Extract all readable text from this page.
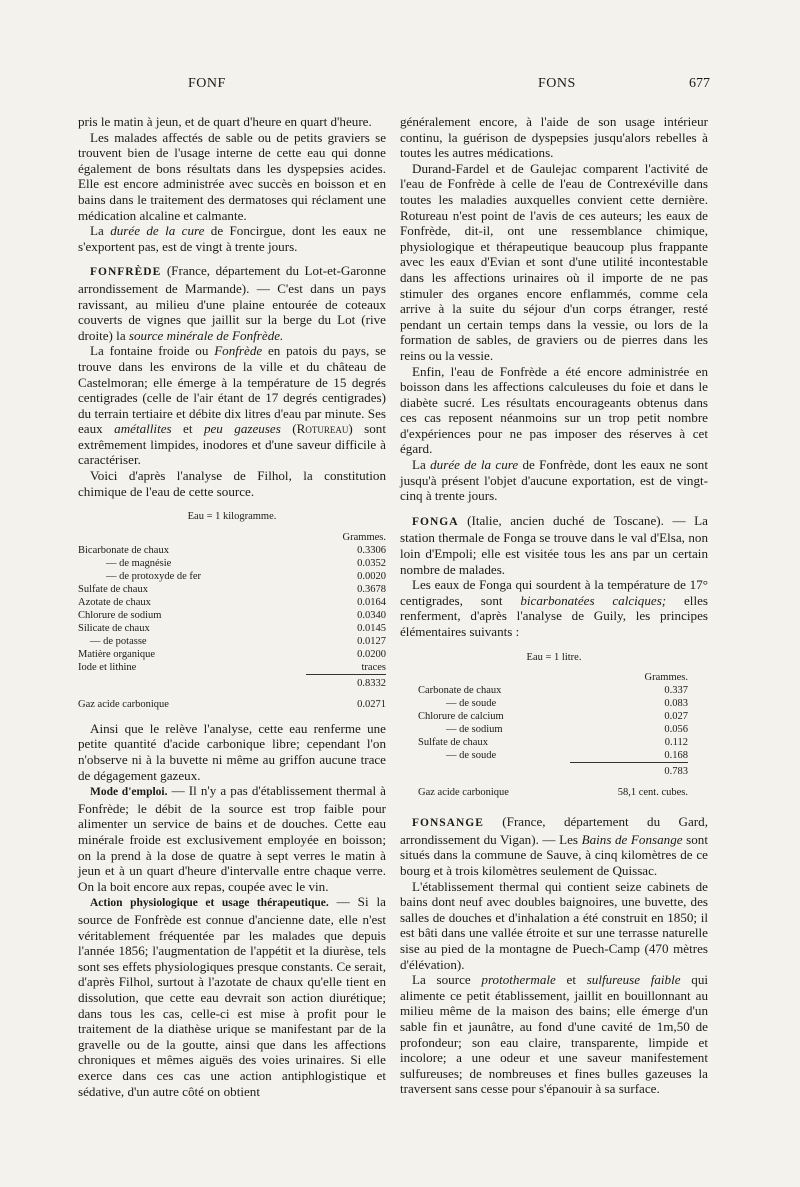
FONF	FONS	677

pris le matin à jeun, et de quart d'heure en quart d'heure.

Les malades affectés de sable ou de petits graviers se trouvent bien de l'usage interne de cette eau qui donne également de bons résultats dans les dyspepsies acides. Elle est encore administrée avec succès en boisson et en bains dans le traitement des dermatoses qui réclament une médication alcaline et calmante.

La durée de la cure de Foncirgue, dont les eaux ne s'exportent pas, est de vingt à trente jours.

FONFRÈDE (France, département du Lot-et-Garonne arrondissement de Marmande). — C'est dans un pays ravissant, au milieu d'une plaine entourée de coteaux couverts de vignes que jaillit sur la berge du Lot (rive droite) la source minérale de Fonfrède.

La fontaine froide ou Fonfrède en patois du pays, se trouve dans les environs de la ville et du château de Castelmoran; elle émerge à la température de 15 degrés centigrades (celle de l'air étant de 17 degrés centigrades) du terrain tertiaire et débite dix litres d'eau par minute. Ses eaux amétallites et peu gazeuses (Rotureau) sont extrêmement limpides, inodores et d'une saveur difficile à caractériser.

Voici d'après l'analyse de Filhol, la constitution chimique de l'eau de cette source.

Eau = 1 kilogramme.
	Grammes.
Bicarbonate de chaux	0.3306
— de magnésie	0.0352
— de protoxyde de fer	0.0020
Sulfate de chaux	0.3678
Azotate de chaux	0.0164
Chlorure de sodium	0.0340
Silicate de chaux	0.0145
— de potasse	0.0127
Matière organique	0.0200
Iode et lithine	traces
	0.8332

Gaz acide carbonique	0.0271

Ainsi que le relève l'analyse, cette eau renferme une petite quantité d'acide carbonique libre; cependant l'on n'observe ni à la buvette ni même au griffon aucune trace de dégagement gazeux.

Mode d'emploi. — Il n'y a pas d'établissement thermal à Fonfrède; le débit de la source est trop faible pour alimenter un service de bains et de douches. Cette eau minérale froide est exclusivement employée en boisson; on la prend à la dose de quatre à sept verres le matin à jeun et à un quart d'heure d'intervalle entre chaque verre. On la boit encore aux repas, coupée avec le vin.

Action physiologique et usage thérapeutique. — Si la source de Fonfrède est connue d'ancienne date, elle n'est véritablement fréquentée par les malades que depuis l'année 1856; l'augmentation de l'appétit et la diurèse, tels sont ses effets physiologiques presque constants. Ce serait, d'après Filhol, surtout à l'azotate de chaux qu'elle tient en dissolution, que cette eau devrait son action diurétique; dans tous les cas, celle-ci est mise à profit pour le traitement de la diathèse urique se manifestant par de la gravelle ou de la goutte, ainsi que dans les affections chroniques et mêmes aiguës des voies urinaires. Si elle exerce dans ces cas une action antiphlogistique et sédative, d'un autre côté on obtient

généralement encore, à l'aide de son usage intérieur continu, la guérison de dyspepsies jusqu'alors rebelles à toutes les autres médications.

Durand-Fardel et de Gaulejac comparent l'activité de l'eau de Fonfrède à celle de l'eau de Contrexéville dans toutes les maladies auxquelles convient cette dernière. Rotureau n'est point de l'avis de ces auteurs; les eaux de Fonfrède, dit-il, ont une ressemblance chimique, physiologique et thérapeutique beaucoup plus frappante avec les eaux d'Evian et sont d'une utilité incontestable dans les affections urinaires où il importe de ne pas stimuler des organes encore enflammés, comme cela arrive à la suite du séjour d'un corps étranger, resté pendant un certain temps dans la vessie, ou lors de la formation de sables, de graviers ou de pierres dans les reins ou la vessie.

Enfin, l'eau de Fonfrède a été encore administrée en boisson dans les affections calculeuses du foie et dans le diabète sucré. Les résultats encourageants obtenus dans ces cas reposent néanmoins sur un trop petit nombre d'expériences pour ne pas imposer des réserves à cet égard.

La durée de la cure de Fonfrède, dont les eaux ne sont jusqu'à présent l'objet d'aucune exportation, est de vingt-cinq à trente jours.

FONGA (Italie, ancien duché de Toscane). — La station thermale de Fonga se trouve dans le val d'Elsa, non loin d'Empoli; elle est visitée tous les ans par un certain nombre de malades.

Les eaux de Fonga qui sourdent à la température de 17° centigrades, sont bicarbonatées calciques; elles renferment, d'après l'analyse de Guily, les principes élémentaires suivants :

Eau = 1 litre.
	Grammes.
Carbonate de chaux	0.337
— de soude	0.083
Chlorure de calcium	0.027
— de sodium	0.056
Sulfate de chaux	0.112
— de soude	0.168
	0.783

Gaz acide carbonique	58,1 cent. cubes.

FONSANGE (France, département du Gard, arrondissement du Vigan). — Les Bains de Fonsange sont situés dans la commune de Sauve, à cinq kilomètres de ce bourg et à trois kilomètres seulement de Quissac.

L'établissement thermal qui contient seize cabinets de bains dont neuf avec doubles baignoires, une buvette, des salles de douches et d'inhalation a été construit en 1850; il est bâti dans une vallée étroite et sur une terrasse naturelle sise au pied de la montagne de Puech-Camp (470 mètres d'élévation).

La source protothermale et sulfureuse faible qui alimente ce petit établissement, jaillit en bouillonnant au milieu même de la maison des bains; elle émerge d'un sable fin et jaunâtre, au fond d'une cavité de 1m,50 de profondeur; son eau claire, transparente, limpide et incolore; a une odeur et une saveur manifestement sulfureuses; de nombreuses et fines bulles gazeuses la traversent sans cesse pour s'épanouir à sa surface.
